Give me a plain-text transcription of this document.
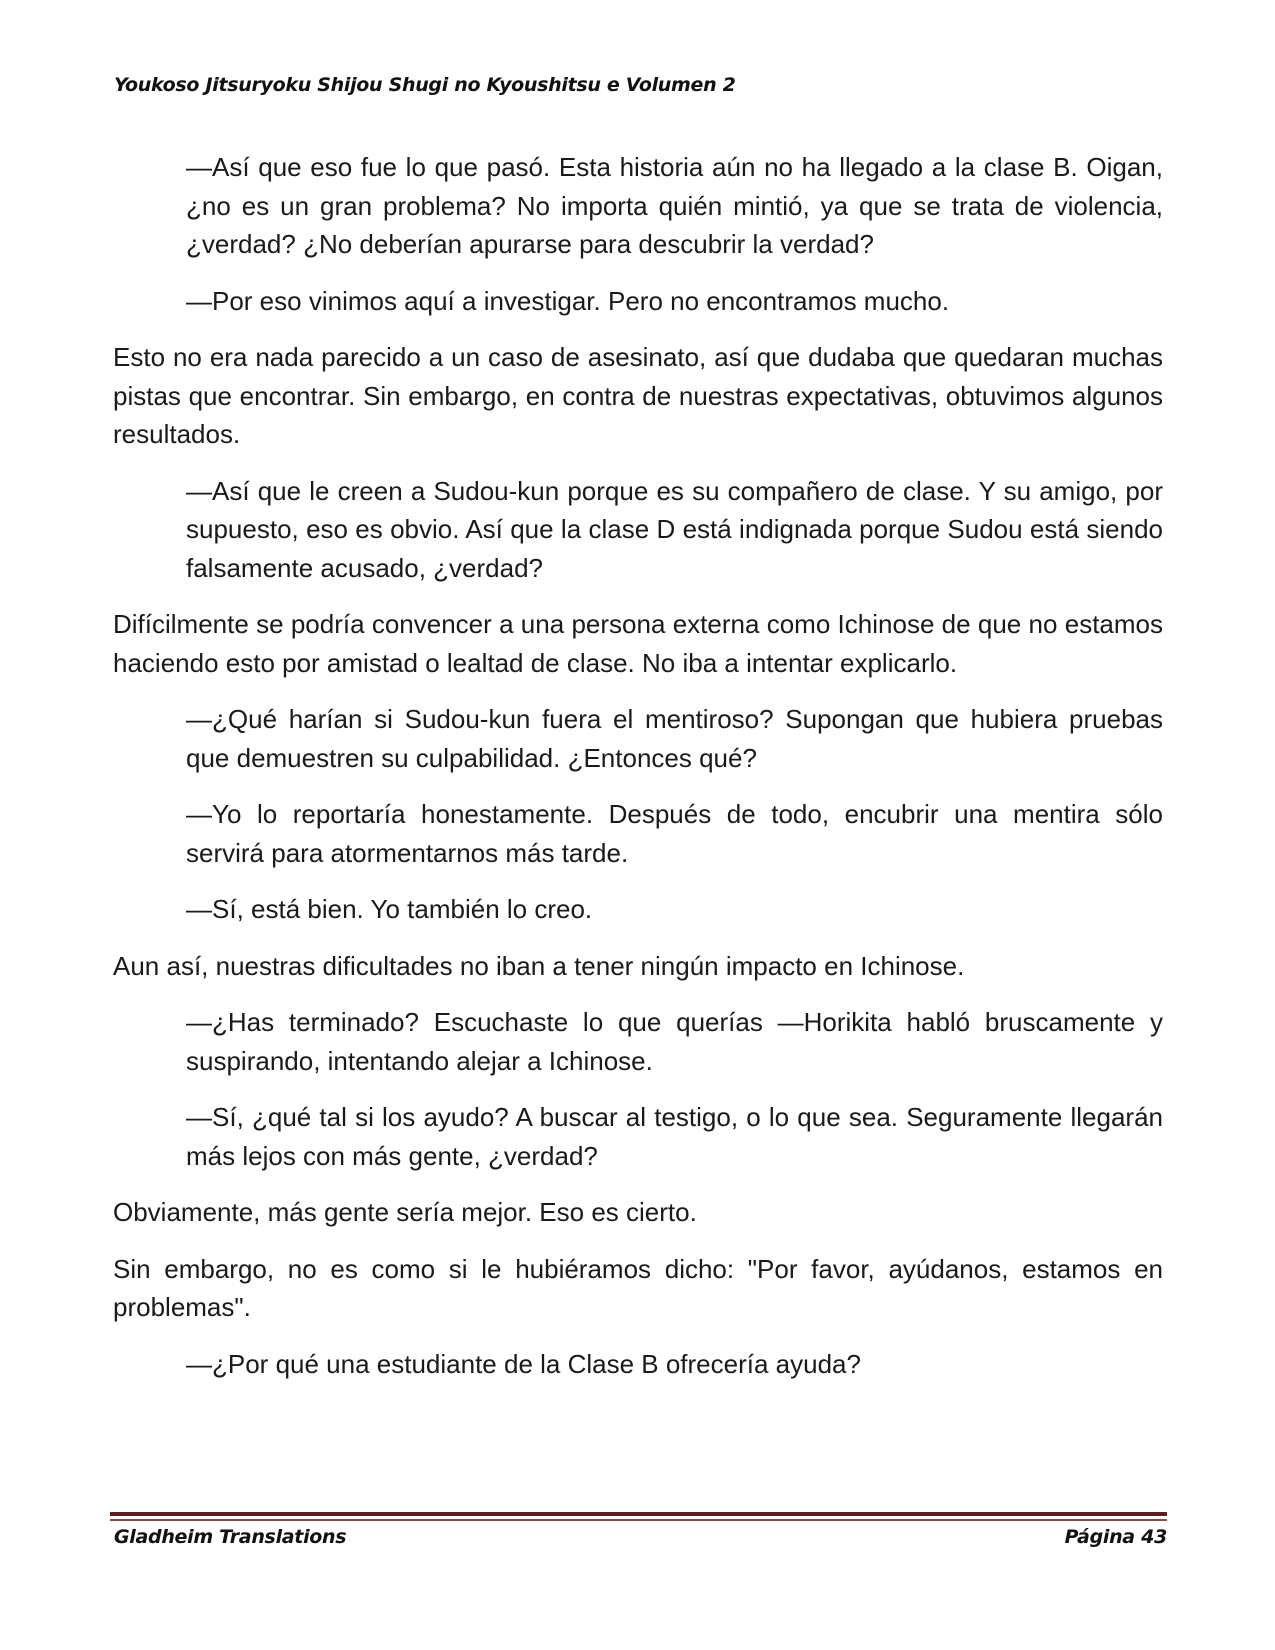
Youkoso Jitsuryoku Shijou Shugi no Kyoushitsu e Volumen 2

—Así que eso fue lo que pasó. Esta historia aún no ha llegado a la clase B. Oigan, ¿no es un gran problema? No importa quién mintió, ya que se trata de violencia, ¿verdad? ¿No deberían apurarse para descubrir la verdad?

—Por eso vinimos aquí a investigar. Pero no encontramos mucho.

Esto no era nada parecido a un caso de asesinato, así que dudaba que quedaran muchas pistas que encontrar. Sin embargo, en contra de nuestras expectativas, obtuvimos algunos resultados.

—Así que le creen a Sudou-kun porque es su compañero de clase. Y su amigo, por supuesto, eso es obvio. Así que la clase D está indignada porque Sudou está siendo falsamente acusado, ¿verdad?

Difícilmente se podría convencer a una persona externa como Ichinose de que no estamos haciendo esto por amistad o lealtad de clase. No iba a intentar explicarlo.

—¿Qué harían si Sudou-kun fuera el mentiroso? Supongan que hubiera pruebas que demuestren su culpabilidad. ¿Entonces qué?

—Yo lo reportaría honestamente. Después de todo, encubrir una mentira sólo servirá para atormentarnos más tarde.

—Sí, está bien. Yo también lo creo.

Aun así, nuestras dificultades no iban a tener ningún impacto en Ichinose.

—¿Has terminado? Escuchaste lo que querías —Horikita habló bruscamente y suspirando, intentando alejar a Ichinose.

—Sí, ¿qué tal si los ayudo? A buscar al testigo, o lo que sea. Seguramente llegarán más lejos con más gente, ¿verdad?

Obviamente, más gente sería mejor. Eso es cierto.

Sin embargo, no es como si le hubiéramos dicho: "Por favor, ayúdanos, estamos en problemas".

—¿Por qué una estudiante de la Clase B ofrecería ayuda?

Gladheim Translations	Página 43
